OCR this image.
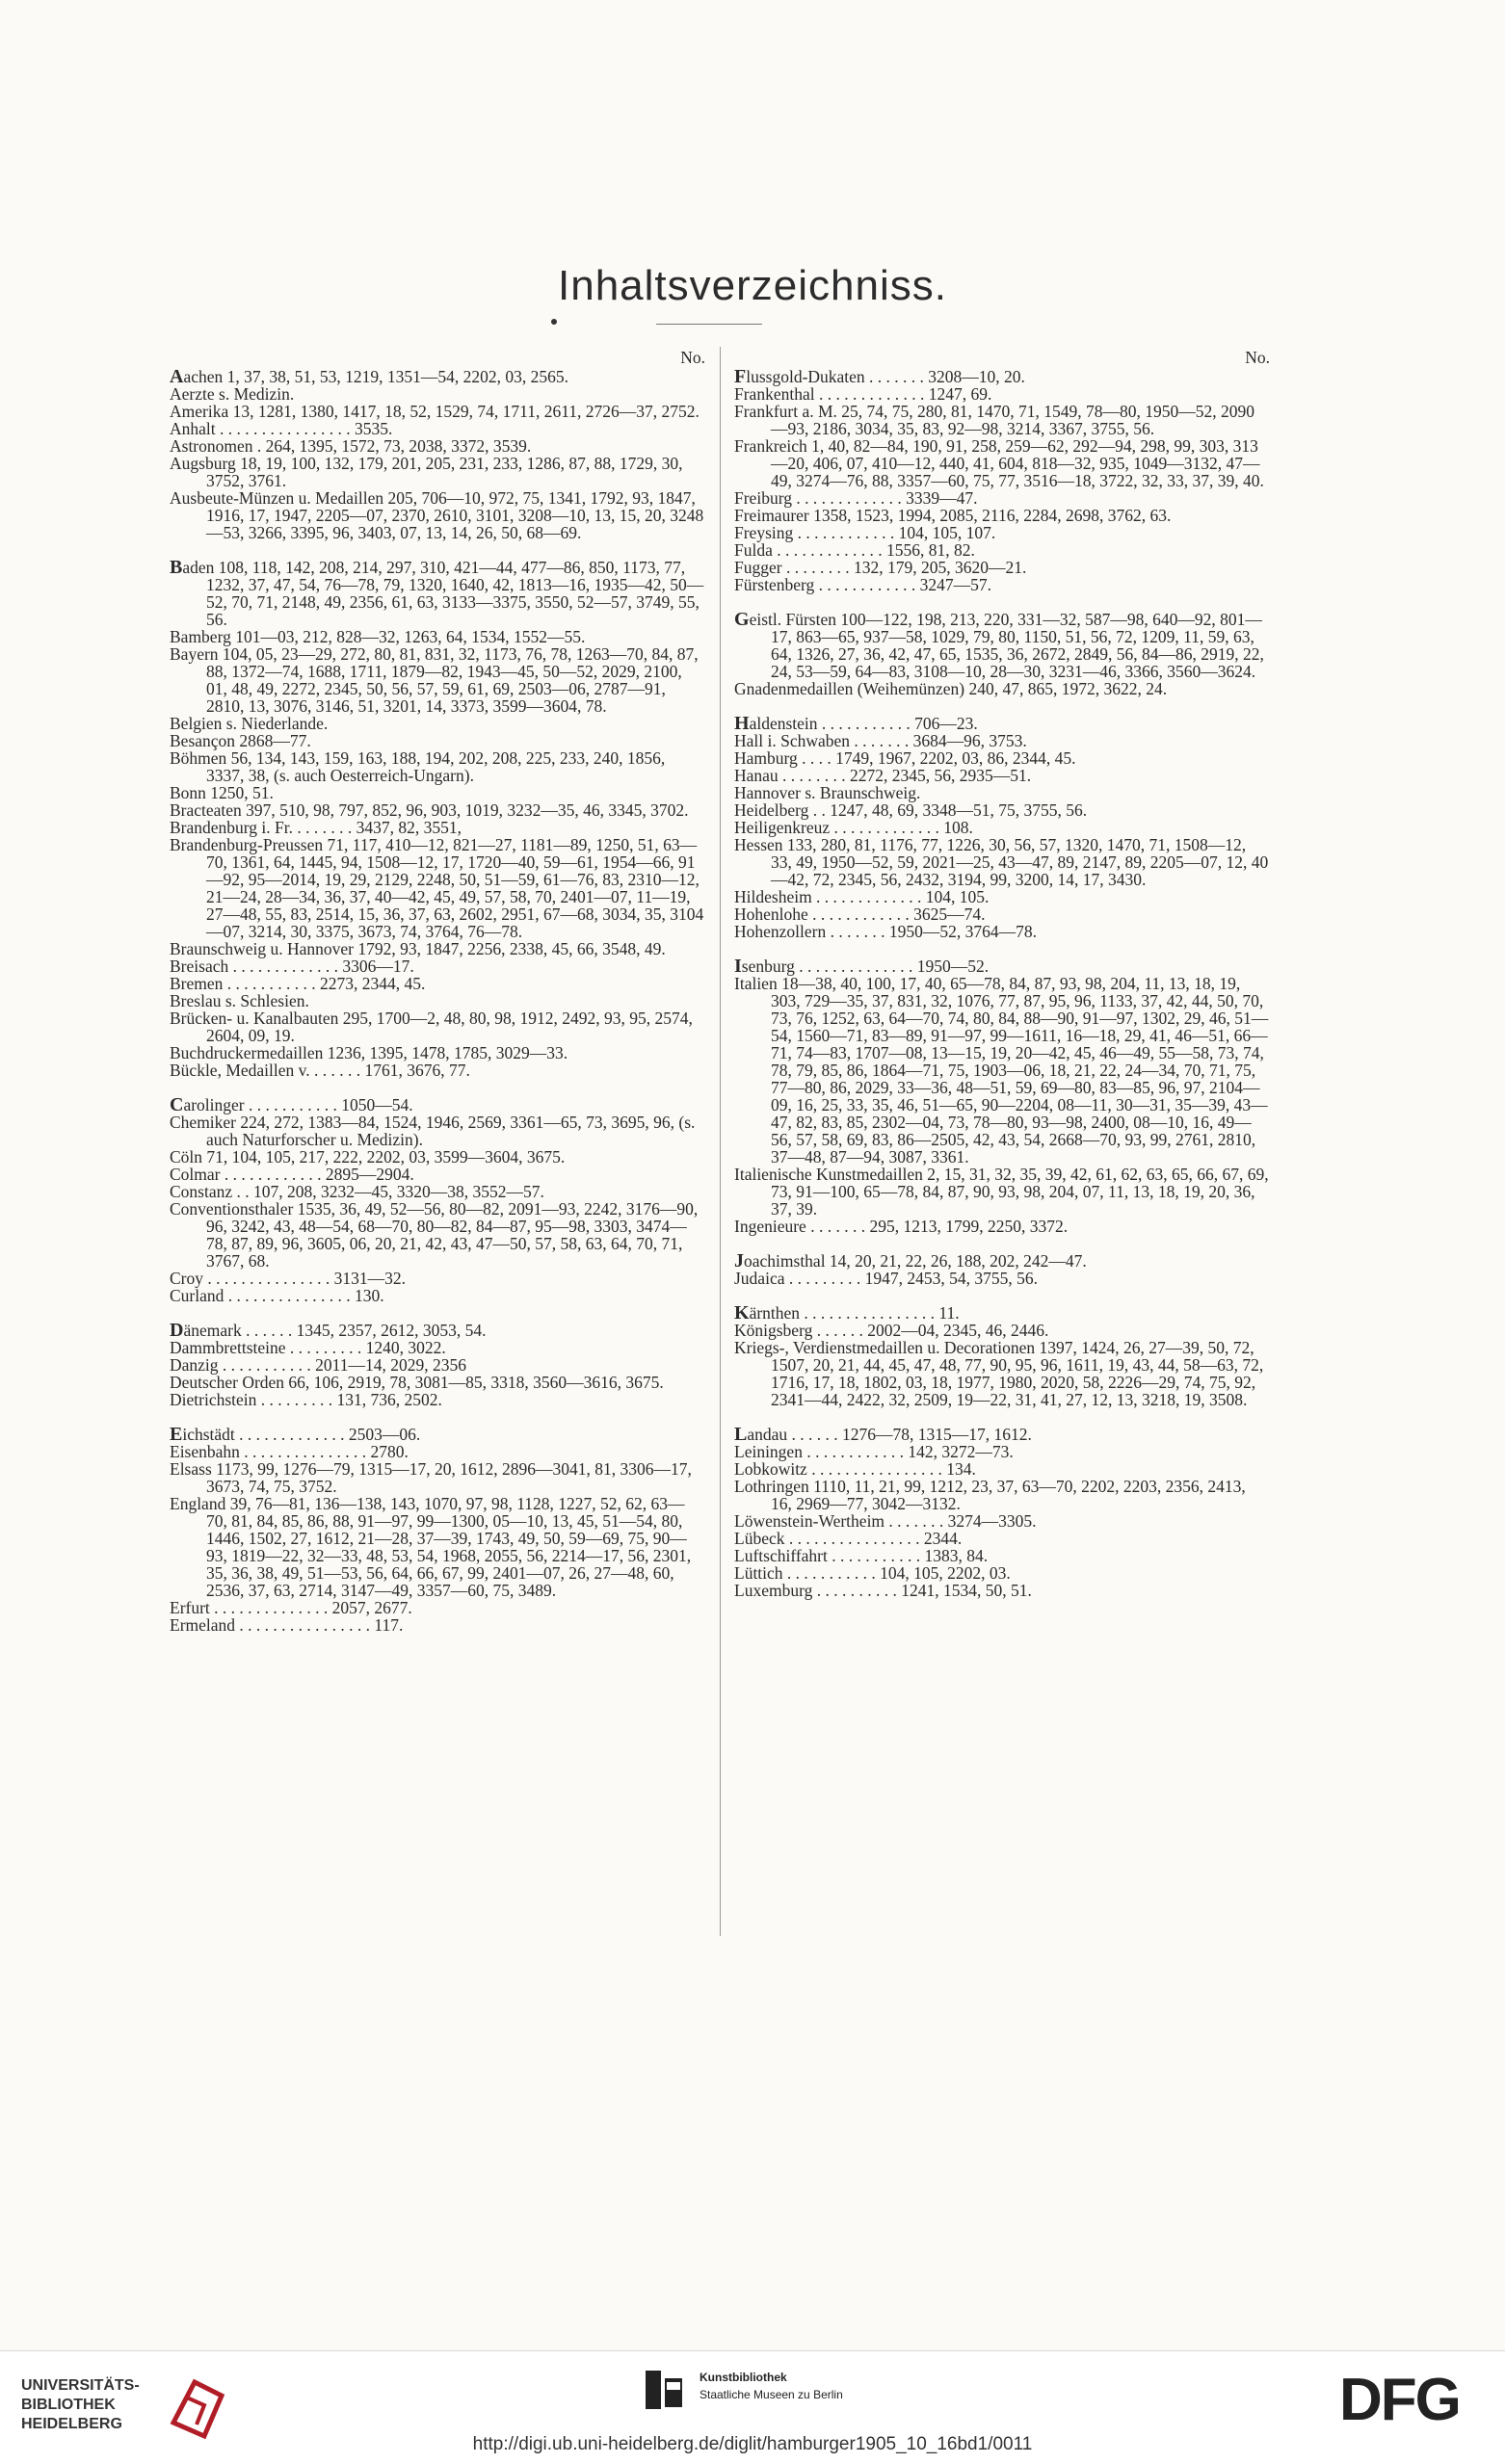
Inhaltsverzeichniss.
No.
Aachen 1, 37, 38, 51, 53, 1219, 1351—54, 2202, 03, 2565.
Aerzte s. Medizin.
Amerika 13, 1281, 1380, 1417, 18, 52, 1529, 74, 1711, 2611, 2726—37, 2752.
Anhalt . . . . . . . . . . . . . . . . 3535.
Astronomen . 264, 1395, 1572, 73, 2038, 3372, 3539.
Augsburg 18, 19, 100, 132, 179, 201, 205, 231, 233, 1286, 87, 88, 1729, 30, 3752, 3761.
Ausbeute-Münzen u. Medaillen 205, 706—10, 972, 75, 1341, 1792, 93, 1847, 1916, 17, 1947, 2205—07, 2370, 2610, 3101, 3208—10, 13, 15, 20, 3248—53, 3266, 3395, 96, 3403, 07, 13, 14, 26, 50, 68—69.
Baden 108, 118, 142, 208, 214, 297, 310, 421—44, 477—86, 850, 1173, 77, 1232, 37, 47, 54, 76—78, 79, 1320, 1640, 42, 1813—16, 1935—42, 50—52, 70, 71, 2148, 49, 2356, 61, 63, 3133—3375, 3550, 52—57, 3749, 55, 56.
Bamberg 101—03, 212, 828—32, 1263, 64, 1534, 1552—55.
Bayern 104, 05, 23—29, 272, 80, 81, 831, 32, 1173, 76, 78, 1263—70, 84, 87, 88, 1372—74, 1688, 1711, 1879—82, 1943—45, 50—52, 2029, 2100, 01, 48, 49, 2272, 2345, 50, 56, 57, 59, 61, 69, 2503—06, 2787—91, 2810, 13, 3076, 3146, 51, 3201, 14, 3373, 3599—3604, 78.
Belgien s. Niederlande.
Besançon 2868—77.
Böhmen 56, 134, 143, 159, 163, 188, 194, 202, 208, 225, 233, 240, 1856, 3337, 38, (s. auch Oesterreich-Ungarn).
Bonn 1250, 51.
Bracteaten 397, 510, 98, 797, 852, 96, 903, 1019, 3232—35, 46, 3345, 3702.
Brandenburg i. Fr. . . . . . . . 3437, 82, 3551,
Brandenburg-Preussen 71, 117, 410—12, 821—27, 1181—89, 1250, 51, 63—70, 1361, 64, 1445, 94, 1508—12, 17, 1720—40, 59—61, 1954—66, 91—92, 95—2014, 19, 29, 2129, 2248, 50, 51—59, 61—76, 83, 2310—12, 21—24, 28—34, 36, 37, 40—42, 45, 49, 57, 58, 70, 2401—07, 11—19, 27—48, 55, 83, 2514, 15, 36, 37, 63, 2602, 2951, 67—68, 3034, 35, 3104—07, 3214, 30, 3375, 3673, 74, 3764, 76—78.
Braunschweig u. Hannover 1792, 93, 1847, 2256, 2338, 45, 66, 3548, 49.
Breisach . . . . . . . . . . . . . 3306—17.
Bremen . . . . . . . . . . . 2273, 2344, 45.
Breslau s. Schlesien.
Brücken- u. Kanalbauten 295, 1700—2, 48, 80, 98, 1912, 2492, 93, 95, 2574, 2604, 09, 19.
Buchdruckermedaillen 1236, 1395, 1478, 1785, 3029—33.
Bückle, Medaillen v. . . . . . . 1761, 3676, 77.
Carolinger . . . . . . . . . . . 1050—54.
Chemiker 224, 272, 1383—84, 1524, 1946, 2569, 3361—65, 73, 3695, 96, (s. auch Naturforscher u. Medizin).
Cöln 71, 104, 105, 217, 222, 2202, 03, 3599—3604, 3675.
Colmar . . . . . . . . . . . . 2895—2904.
Constanz . . 107, 208, 3232—45, 3320—38, 3552—57.
Conventionsthaler 1535, 36, 49, 52—56, 80—82, 2091—93, 2242, 3176—90, 96, 3242, 43, 48—54, 68—70, 80—82, 84—87, 95—98, 3303, 3474—78, 87, 89, 96, 3605, 06, 20, 21, 42, 43, 47—50, 57, 58, 63, 64, 70, 71, 3767, 68.
Croy . . . . . . . . . . . . . . . 3131—32.
Curland . . . . . . . . . . . . . . . 130.
Dänemark . . . . . . 1345, 2357, 2612, 3053, 54.
Dammbrettsteine . . . . . . . . . 1240, 3022.
Danzig . . . . . . . . . . . 2011—14, 2029, 2356
Deutscher Orden 66, 106, 2919, 78, 3081—85, 3318, 3560—3616, 3675.
Dietrichstein . . . . . . . . . 131, 736, 2502.
Eichstädt . . . . . . . . . . . . . 2503—06.
Eisenbahn . . . . . . . . . . . . . . . 2780.
Elsass 1173, 99, 1276—79, 1315—17, 20, 1612, 2896—3041, 81, 3306—17, 3673, 74, 75, 3752.
England 39, 76—81, 136—138, 143, 1070, 97, 98, 1128, 1227, 52, 62, 63—70, 81, 84, 85, 86, 88, 91—97, 99—1300, 05—10, 13, 45, 51—54, 80, 1446, 1502, 27, 1612, 21—28, 37—39, 1743, 49, 50, 59—69, 75, 90—93, 1819—22, 32—33, 48, 53, 54, 1968, 2055, 56, 2214—17, 56, 2301, 35, 36, 38, 49, 51—53, 56, 64, 66, 67, 99, 2401—07, 26, 27—48, 60, 2536, 37, 63, 2714, 3147—49, 3357—60, 75, 3489.
Erfurt . . . . . . . . . . . . . . 2057, 2677.
Ermeland . . . . . . . . . . . . . . . . 117.
No.
Flussgold-Dukaten . . . . . . . 3208—10, 20.
Frankenthal . . . . . . . . . . . . . 1247, 69.
Frankfurt a. M. 25, 74, 75, 280, 81, 1470, 71, 1549, 78—80, 1950—52, 2090—93, 2186, 3034, 35, 83, 92—98, 3214, 3367, 3755, 56.
Frankreich 1, 40, 82—84, 190, 91, 258, 259—62, 292—94, 298, 99, 303, 313—20, 406, 07, 410—12, 440, 41, 604, 818—32, 935, 1049—3132, 47—49, 3274—76, 88, 3357—60, 75, 77, 3516—18, 3722, 32, 33, 37, 39, 40.
Freiburg . . . . . . . . . . . . . 3339—47.
Freimaurer 1358, 1523, 1994, 2085, 2116, 2284, 2698, 3762, 63.
Freysing . . . . . . . . . . . . 104, 105, 107.
Fulda . . . . . . . . . . . . . 1556, 81, 82.
Fugger . . . . . . . . 132, 179, 205, 3620—21.
Fürstenberg . . . . . . . . . . . . 3247—57.
Geistl. Fürsten 100—122, 198, 213, 220, 331—32, 587—98, 640—92, 801—17, 863—65, 937—58, 1029, 79, 80, 1150, 51, 56, 72, 1209, 11, 59, 63, 64, 1326, 27, 36, 42, 47, 65, 1535, 36, 2672, 2849, 56, 84—86, 2919, 22, 24, 53—59, 64—83, 3108—10, 28—30, 3231—46, 3366, 3560—3624.
Gnadenmedaillen (Weihemünzen) 240, 47, 865, 1972, 3622, 24.
Haldenstein . . . . . . . . . . . 706—23.
Hall i. Schwaben . . . . . . . 3684—96, 3753.
Hamburg . . . . 1749, 1967, 2202, 03, 86, 2344, 45.
Hanau . . . . . . . . 2272, 2345, 56, 2935—51.
Hannover s. Braunschweig.
Heidelberg . . 1247, 48, 69, 3348—51, 75, 3755, 56.
Heiligenkreuz . . . . . . . . . . . . . 108.
Hessen 133, 280, 81, 1176, 77, 1226, 30, 56, 57, 1320, 1470, 71, 1508—12, 33, 49, 1950—52, 59, 2021—25, 43—47, 89, 2147, 89, 2205—07, 12, 40—42, 72, 2345, 56, 2432, 3194, 99, 3200, 14, 17, 3430.
Hildesheim . . . . . . . . . . . . . 104, 105.
Hohenlohe . . . . . . . . . . . . 3625—74.
Hohenzollern . . . . . . . 1950—52, 3764—78.
Isenburg . . . . . . . . . . . . . . 1950—52.
Italien 18—38, 40, 100, 17, 40, 65—78, 84, 87, 93, 98, 204, 11, 13, 18, 19, 303, 729—35, 37, 831, 32, 1076, 77, 87, 95, 96, 1133, 37, 42, 44, 50, 70, 73, 76, 1252, 63, 64—70, 74, 80, 84, 88—90, 91—97, 1302, 29, 46, 51—54, 1560—71, 83—89, 91—97, 99—1611, 16—18, 29, 41, 46—51, 66—71, 74—83, 1707—08, 13—15, 19, 20—42, 45, 46—49, 55—58, 73, 74, 78, 79, 85, 86, 1864—71, 75, 1903—06, 18, 21, 22, 24—34, 70, 71, 75, 77—80, 86, 2029, 33—36, 48—51, 59, 69—80, 83—85, 96, 97, 2104—09, 16, 25, 33, 35, 46, 51—65, 90—2204, 08—11, 30—31, 35—39, 43—47, 82, 83, 85, 2302—04, 73, 78—80, 93—98, 2400, 08—10, 16, 49—56, 57, 58, 69, 83, 86—2505, 42, 43, 54, 2668—70, 93, 99, 2761, 2810, 37—48, 87—94, 3087, 3361.
Italienische Kunstmedaillen 2, 15, 31, 32, 35, 39, 42, 61, 62, 63, 65, 66, 67, 69, 73, 91—100, 65—78, 84, 87, 90, 93, 98, 204, 07, 11, 13, 18, 19, 20, 36, 37, 39.
Ingenieure . . . . . . . 295, 1213, 1799, 2250, 3372.
Joachimsthal 14, 20, 21, 22, 26, 188, 202, 242—47.
Judaica . . . . . . . . . 1947, 2453, 54, 3755, 56.
Kärnthen . . . . . . . . . . . . . . . . 11.
Königsberg . . . . . . 2002—04, 2345, 46, 2446.
Kriegs-, Verdienstmedaillen u. Decorationen 1397, 1424, 26, 27—39, 50, 72, 1507, 20, 21, 44, 45, 47, 48, 77, 90, 95, 96, 1611, 19, 43, 44, 58—63, 72, 1716, 17, 18, 1802, 03, 18, 1977, 1980, 2020, 58, 2226—29, 74, 75, 92, 2341—44, 2422, 32, 2509, 19—22, 31, 41, 27, 12, 13, 3218, 19, 3508.
Landau . . . . . . 1276—78, 1315—17, 1612.
Leiningen . . . . . . . . . . . . 142, 3272—73.
Lobkowitz . . . . . . . . . . . . . . . . 134.
Lothringen 1110, 11, 21, 99, 1212, 23, 37, 63—70, 2202, 2203, 2356, 2413, 16, 2969—77, 3042—3132.
Löwenstein-Wertheim . . . . . . . 3274—3305.
Lübeck . . . . . . . . . . . . . . . . 2344.
Luftschiffahrt . . . . . . . . . . . 1383, 84.
Lüttich . . . . . . . . . . . 104, 105, 2202, 03.
Luxemburg . . . . . . . . . . 1241, 1534, 50, 51.
UNIVERSITÄTS-BIBLIOTHEK HEIDELBERG
Kunstbibliothek
Staatliche Museen zu Berlin	DFG
http://digi.ub.uni-heidelberg.de/diglit/hamburger1905_10_16bd1/0011
